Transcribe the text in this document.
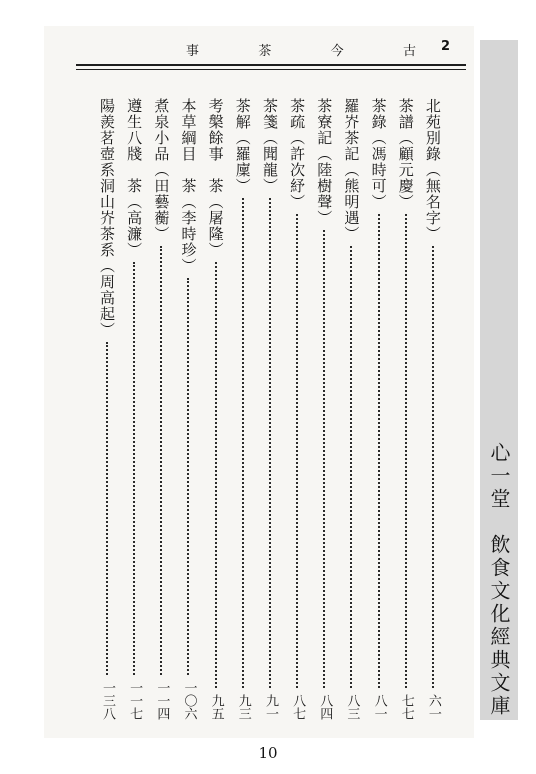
古
今
茶
事	2
北苑別錄（無名字）
六一
茶譜（顧元慶）
七七
茶錄（馮時可）
八一
羅岕茶記（熊明遇）
八三
茶寮記（陸樹聲）
八四
茶疏（許次紓）
八七
茶箋（聞龍）
九一
茶解（羅廩）
九三
考槃餘事　茶（屠隆）
九五
本草綱目　茶（李時珍）
一〇六
煮泉小品（田藝蘅）
一一四
遵生八牋　茶（高濂）
一一七
陽羨茗壺系洞山岕茶系（周高起）
一三八	心一堂　飲食文化經典文庫
10
